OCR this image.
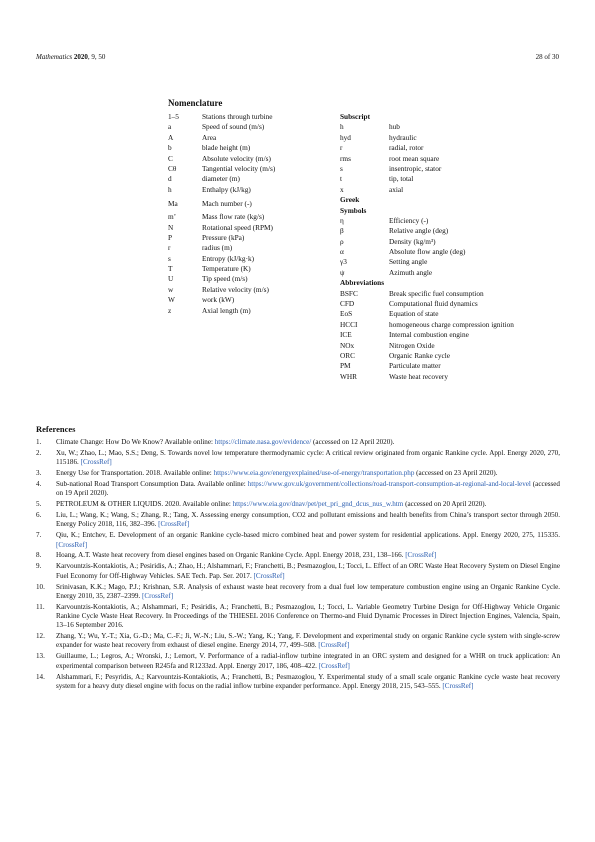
Mathematics 2020, 9, 50	28 of 30
Nomenclature
1–5	Stations through turbine
a	Speed of sound (m/s)
A	Area
b	blade height (m)
C	Absolute velocity (m/s)
Cθ	Tangential velocity (m/s)
d	diameter (m)
h	Enthalpy (kJ/kg)
Ma	Mach number (-)
m’	Mass flow rate (kg/s)
N	Rotational speed (RPM)
P	Pressure (kPa)
r	radius (m)
s	Entropy (kJ/kg·k)
T	Temperature (K)
U	Tip speed (m/s)
w	Relative velocity (m/s)
W	work (kW)
z	Axial length (m)
Subscript
h	hub
hyd	hydraulic
r	radial, rotor
rms	root mean square
s	insentropic, stator
t	tip, total
x	axial
Greek
Symbols
η	Efficiency (-)
β	Relative angle (deg)
ρ	Density (kg/m³)
α	Absolute flow angle (deg)
γ3	Setting angle
ψ	Azimuth angle
Abbreviations
BSFC	Break specific fuel consumption
CFD	Computational fluid dynamics
EoS	Equation of state
HCCI	homogeneous charge compression ignition
ICE	Internal combustion engine
NOx	Nitrogen Oxide
ORC	Organic Ranke cycle
PM	Particulate matter
WHR	Waste heat recovery
References
1. Climate Change: How Do We Know? Available online: https://climate.nasa.gov/evidence/ (accessed on 12 April 2020).
2. Xu, W.; Zhao, L.; Mao, S.S.; Deng, S. Towards novel low temperature thermodynamic cycle: A critical review originated from organic Rankine cycle. Appl. Energy 2020, 270, 115186. [CrossRef]
3. Energy Use for Transportation. 2018. Available online: https://www.eia.gov/energyexplained/use-of-energy/transportation.php (accessed on 23 April 2020).
4. Sub-national Road Transport Consumption Data. Available online: https://www.gov.uk/government/collections/road-transport-consumption-at-regional-and-local-level (accessed on 19 April 2020).
5. PETROLEUM & OTHER LIQUIDS. 2020. Available online: https://www.eia.gov/dnav/pet/pet_pri_gnd_dcus_nus_w.htm (accessed on 20 April 2020).
6. Liu, L.; Wang, K.; Wang, S.; Zhang, R.; Tang, X. Assessing energy consumption, CO2 and pollutant emissions and health benefits from China’s transport sector through 2050. Energy Policy 2018, 116, 382–396. [CrossRef]
7. Qiu, K.; Entchev, E. Development of an organic Rankine cycle-based micro combined heat and power system for residential applications. Appl. Energy 2020, 275, 115335. [CrossRef]
8. Hoang, A.T. Waste heat recovery from diesel engines based on Organic Rankine Cycle. Appl. Energy 2018, 231, 138–166. [CrossRef]
9. Karvountzis-Kontakiotis, A.; Pesiridis, A.; Zhao, H.; Alshammari, F.; Franchetti, B.; Pesmazoglou, I.; Tocci, L. Effect of an ORC Waste Heat Recovery System on Diesel Engine Fuel Economy for Off-Highway Vehicles. SAE Tech. Pap. Ser. 2017. [CrossRef]
10. Srinivasan, K.K.; Mago, P.J.; Krishnan, S.R. Analysis of exhaust waste heat recovery from a dual fuel low temperature combustion engine using an Organic Rankine Cycle. Energy 2010, 35, 2387–2399. [CrossRef]
11. Karvountzis-Kontakiotis, A.; Alshammari, F.; Pesiridis, A.; Franchetti, B.; Pesmazoglou, I.; Tocci, L. Variable Geometry Turbine Design for Off-Highway Vehicle Organic Rankine Cycle Waste Heat Recovery. In Proceedings of the THIESEL 2016 Conference on Thermo-and Fluid Dynamic Processes in Direct Injection Engines, Valencia, Spain, 13–16 September 2016.
12. Zhang, Y.; Wu, Y.-T.; Xia, G.-D.; Ma, C.-F.; Ji, W.-N.; Liu, S.-W.; Yang, K.; Yang, F. Development and experimental study on organic Rankine cycle system with single-screw expander for waste heat recovery from exhaust of diesel engine. Energy 2014, 77, 499–508. [CrossRef]
13. Guillaume, L.; Legros, A.; Wronski, J.; Lemort, V. Performance of a radial-inflow turbine integrated in an ORC system and designed for a WHR on truck application: An experimental comparison between R245fa and R1233zd. Appl. Energy 2017, 186, 408–422. [CrossRef]
14. Alshammari, F.; Pesyridis, A.; Karvountzis-Kontakiotis, A.; Franchetti, B.; Pesmazoglou, Y. Experimental study of a small scale organic Rankine cycle waste heat recovery system for a heavy duty diesel engine with focus on the radial inflow turbine expander performance. Appl. Energy 2018, 215, 543–555. [CrossRef]
